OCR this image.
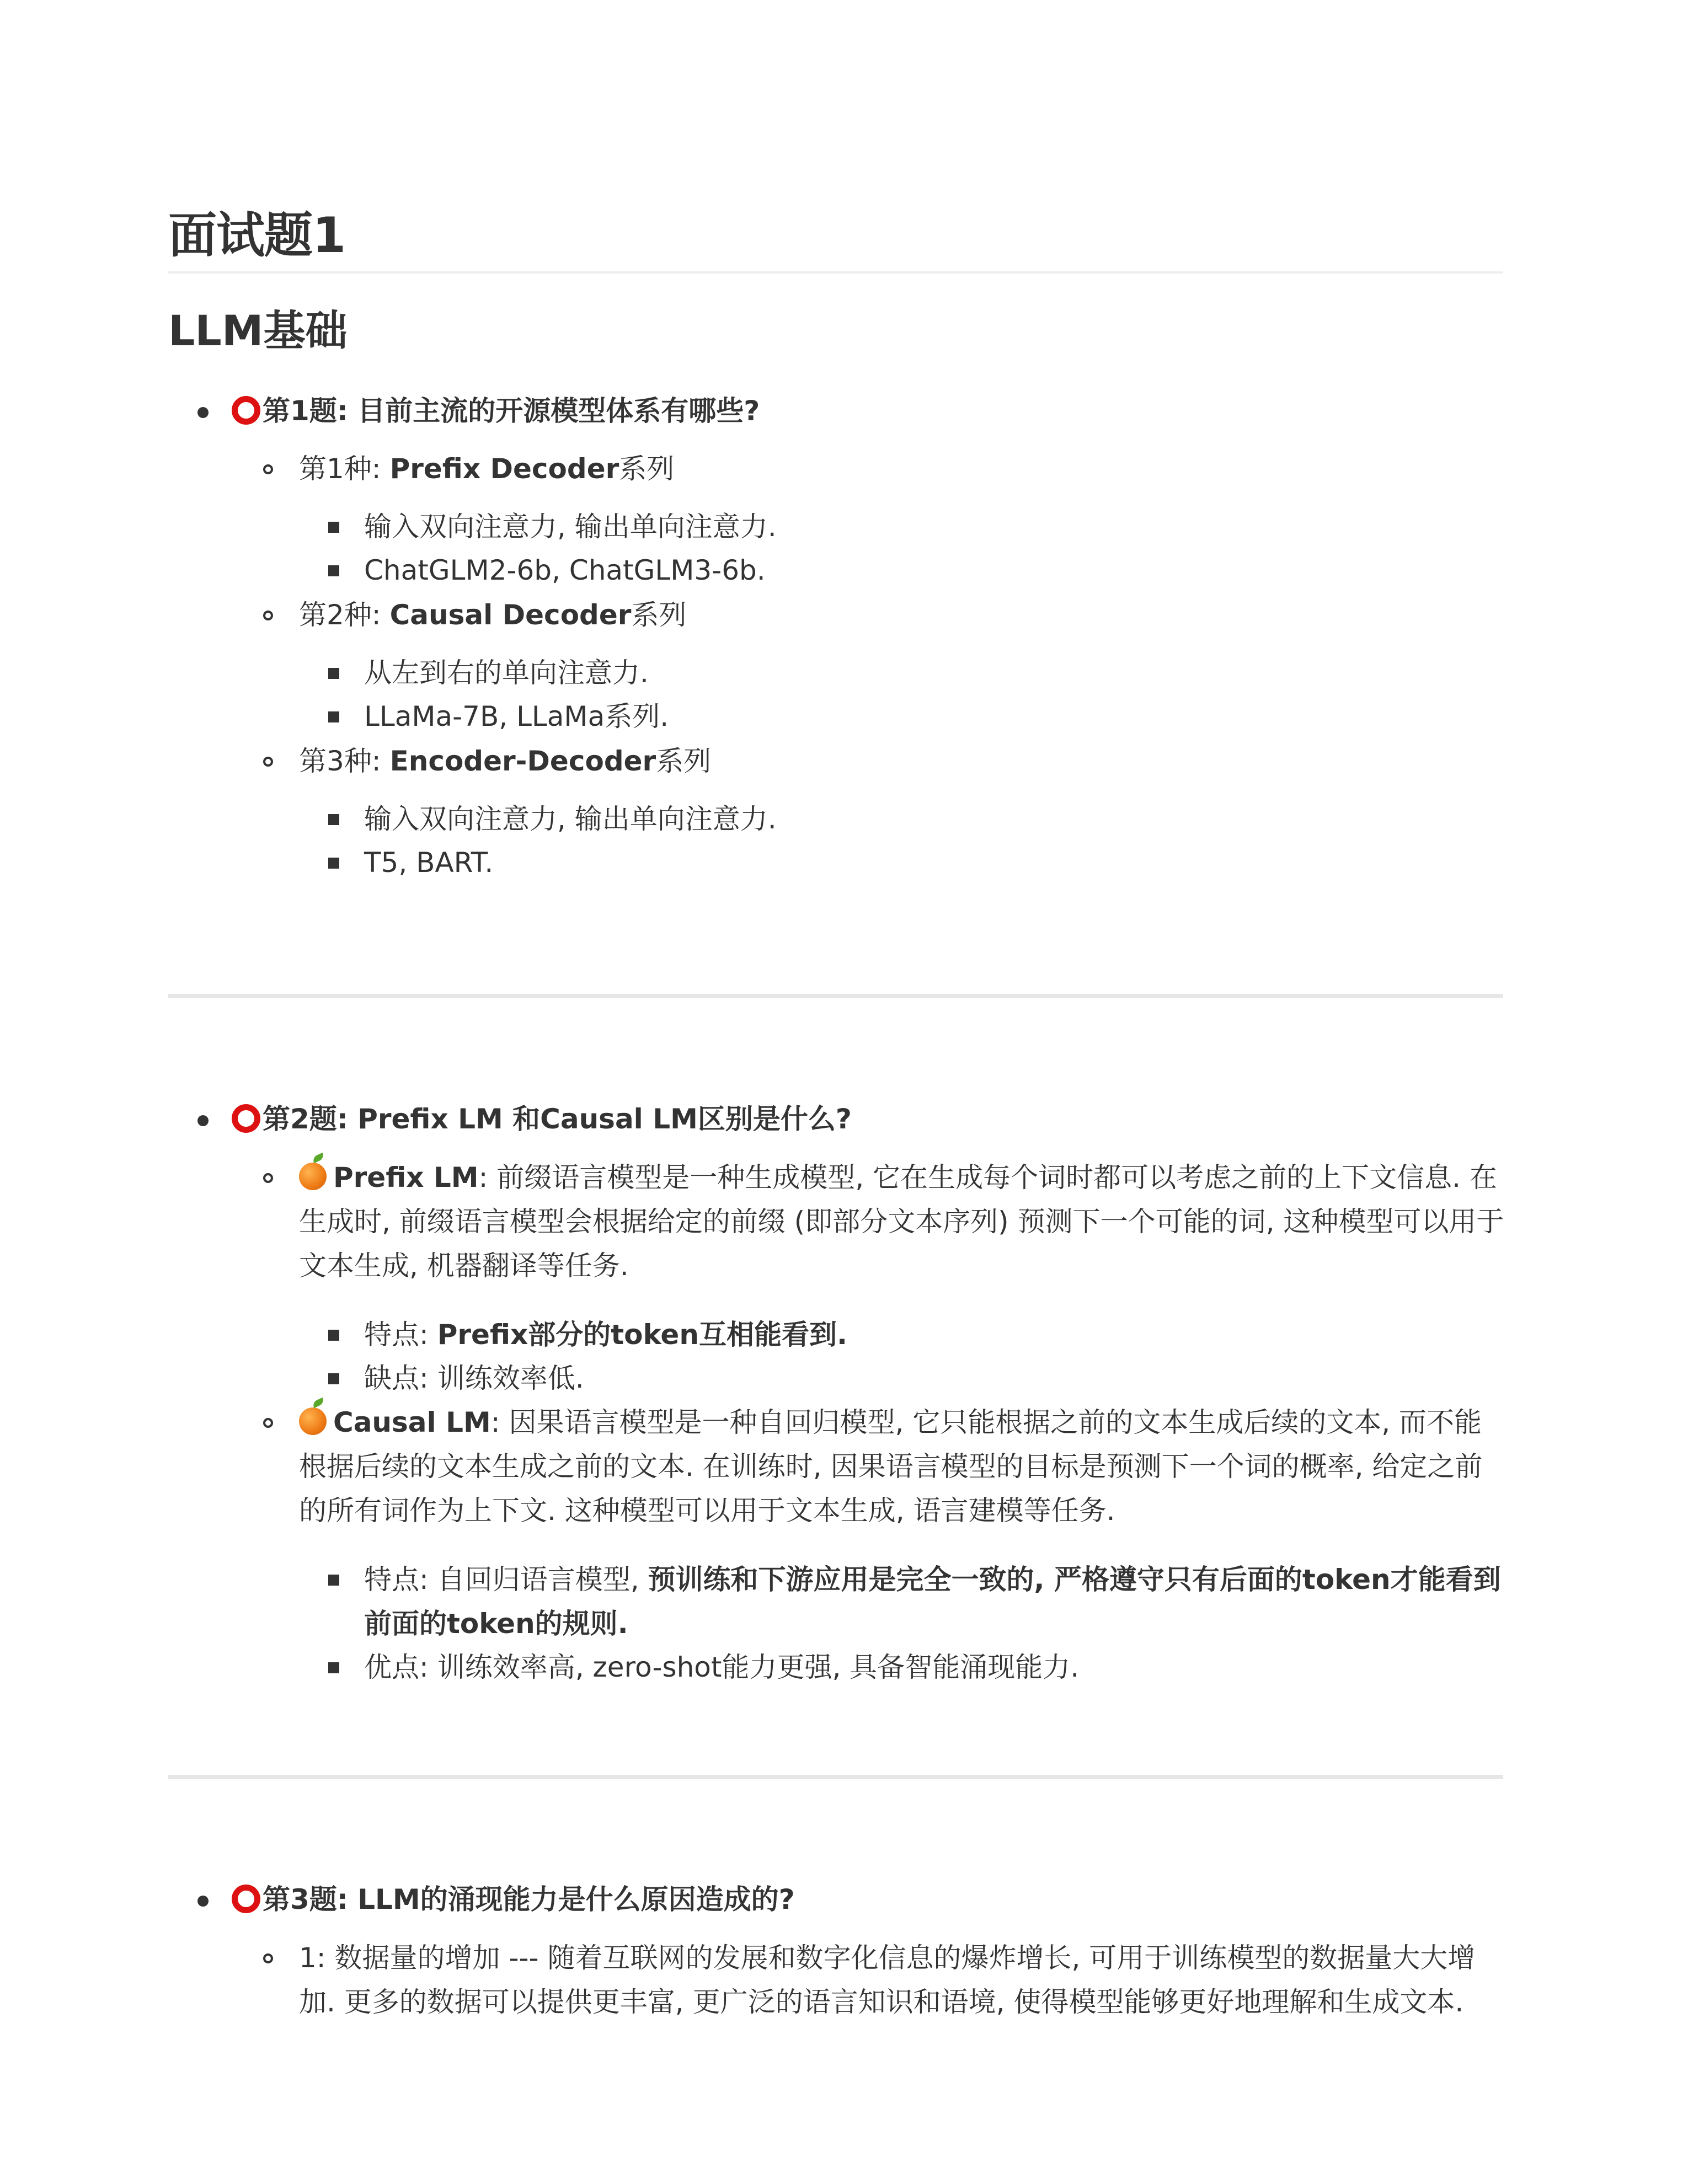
面试题1
LLM基础
第1题: 目前主流的开源模型体系有哪些?
第1种: Prefix Decoder系列
输入双向注意力, 输出单向注意力.
ChatGLM2-6b, ChatGLM3-6b.
第2种: Causal Decoder系列
从左到右的单向注意力.
LLaMa-7B, LLaMa系列.
第3种: Encoder-Decoder系列
输入双向注意力, 输出单向注意力.
T5, BART.
第2题: Prefix LM 和Causal LM区别是什么?
Prefix LM: 前缀语言模型是一种生成模型, 它在生成每个词时都可以考虑之前的上下文信息. 在生成时, 前缀语言模型会根据给定的前缀 (即部分文本序列) 预测下一个可能的词, 这种模型可以用于文本生成, 机器翻译等任务.
特点: Prefix部分的token互相能看到.
缺点: 训练效率低.
Causal LM: 因果语言模型是一种自回归模型, 它只能根据之前的文本生成后续的文本, 而不能根据后续的文本生成之前的文本. 在训练时, 因果语言模型的目标是预测下一个词的概率, 给定之前的所有词作为上下文. 这种模型可以用于文本生成, 语言建模等任务.
特点: 自回归语言模型, 预训练和下游应用是完全一致的, 严格遵守只有后面的token才能看到前面的token的规则.
优点: 训练效率高, zero-shot能力更强, 具备智能涌现能力.
第3题: LLM的涌现能力是什么原因造成的?
1: 数据量的增加 --- 随着互联网的发展和数字化信息的爆炸增长, 可用于训练模型的数据量大大增加. 更多的数据可以提供更丰富, 更广泛的语言知识和语境, 使得模型能够更好地理解和生成文本.
